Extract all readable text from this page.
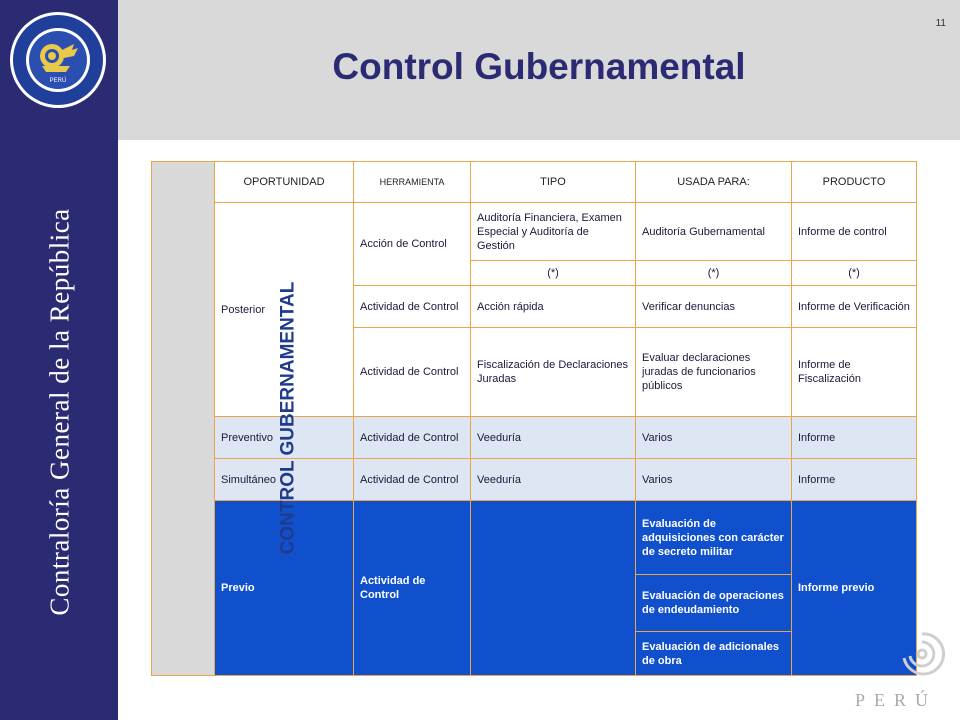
PERÚ
Contraloría General de la República
Control Gubernamental
11
CONTROL GUBERNAMENTAL	OPORTUNIDAD	HERRAMIENTA	TIPO	USADA PARA:	PRODUCTO
	Posterior	Acción de Control	Auditoría Financiera, Examen Especial y Auditoría de Gestión	Auditoría Gubernamental	Informe de control
			(*)	(*)	(*)
		Actividad de Control	Acción rápida	Verificar denuncias	Informe de Verificación
		Actividad de Control	Fiscalización de Declaraciones Juradas	Evaluar declaraciones juradas de funcionarios públicos	Informe de Fiscalización
	Preventivo	Actividad de Control	Veeduría	Varios	Informe
	Simultáneo	Actividad de Control	Veeduría	Varios	Informe
	Previo	Actividad de Control		Evaluación de adquisiciones con carácter de secreto militar	Informe previo
				Evaluación de operaciones de endeudamiento	
				Evaluación de adicionales de obra	
PERÚ
